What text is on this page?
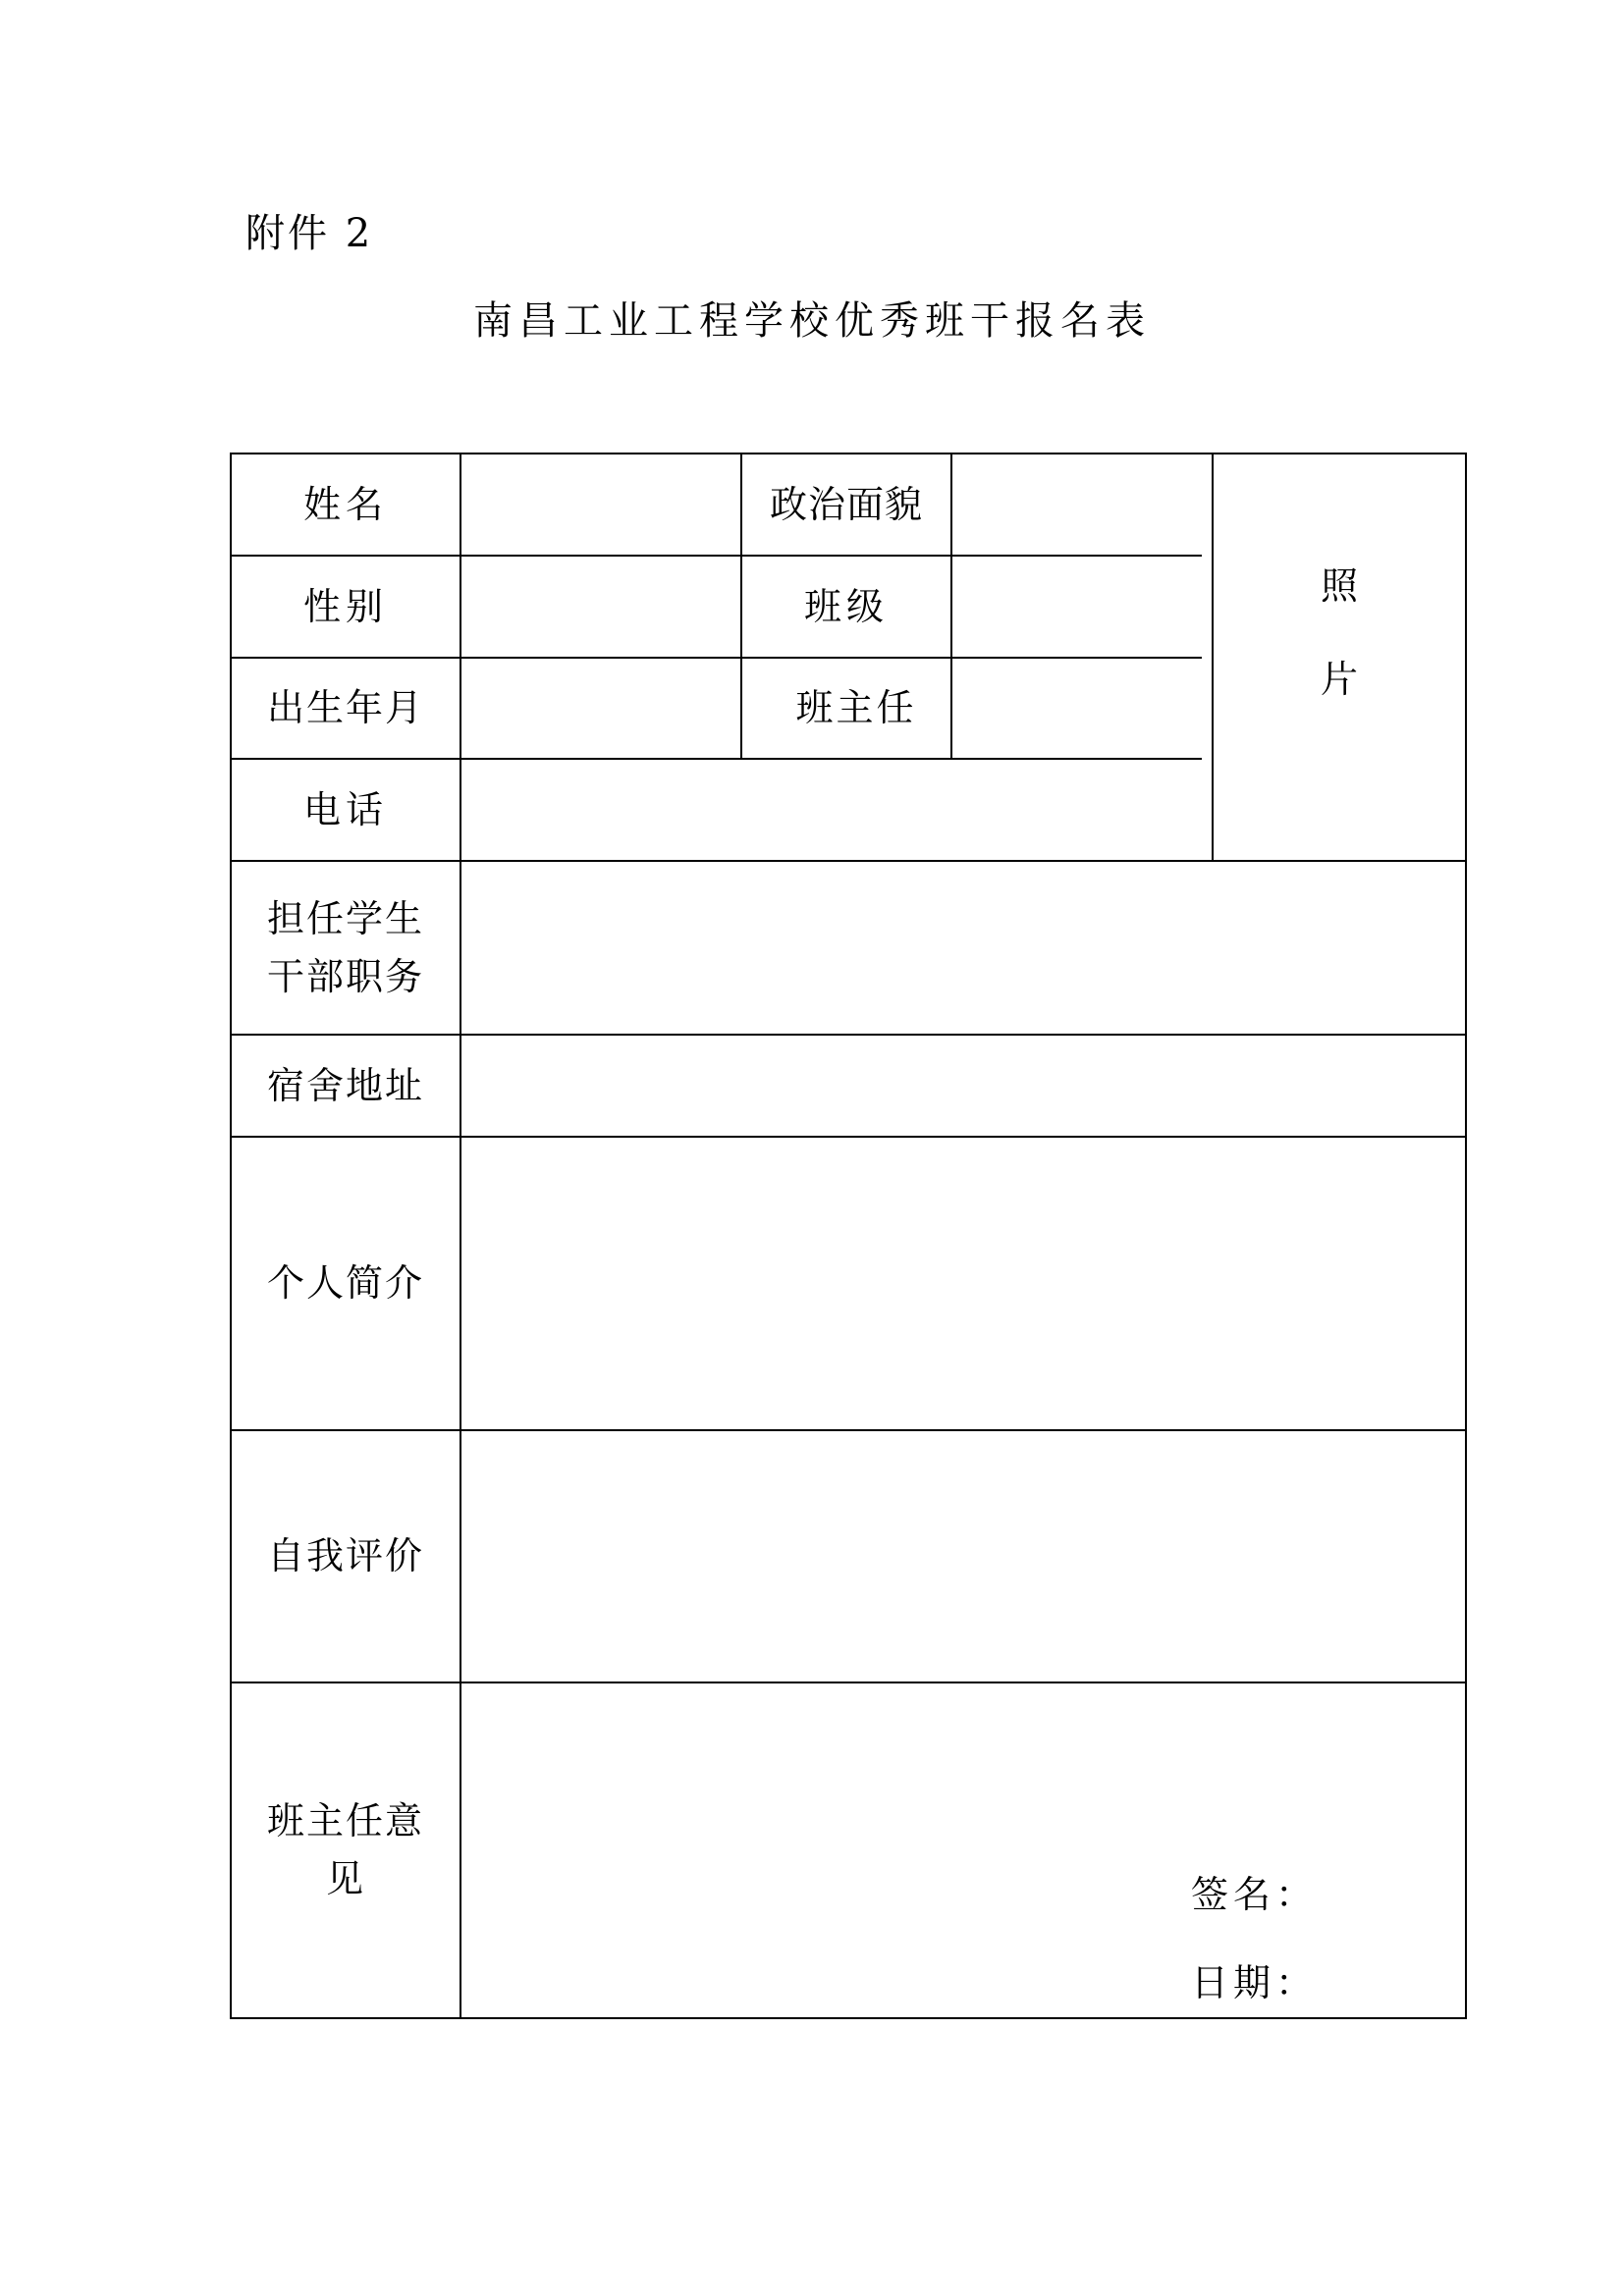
附件 2
南昌工业工程学校优秀班干报名表
姓名	政治面貌
性别	班级
出生年月	班主任
电话
照
片
担任学生
干部职务
宿舍地址
个人简介
自我评价
班主任意
见	签名：
日期：
